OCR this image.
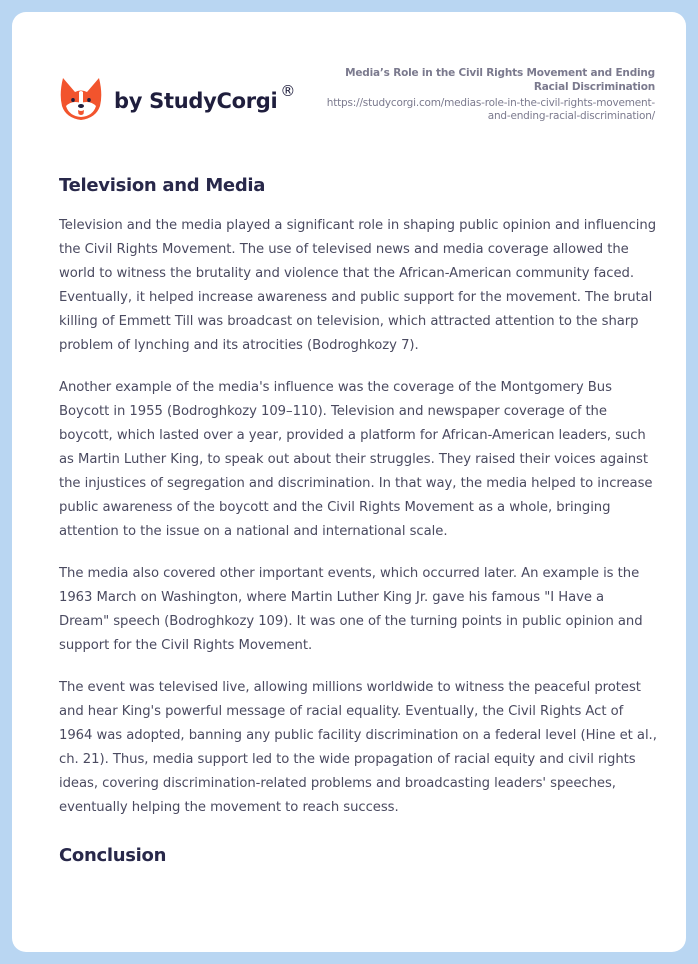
by StudyCorgi ®
Media’s Role in the Civil Rights Movement and Ending Racial Discrimination
https://studycorgi.com/medias-role-in-the-civil-rights-movement-and-ending-racial-discrimination/
Television and Media

Television and the media played a significant role in shaping public opinion and influencing the Civil Rights Movement. The use of televised news and media coverage allowed the world to witness the brutality and violence that the African-American community faced. Eventually, it helped increase awareness and public support for the movement. The brutal killing of Emmett Till was broadcast on television, which attracted attention to the sharp problem of lynching and its atrocities (Bodroghkozy 7).

Another example of the media's influence was the coverage of the Montgomery Bus Boycott in 1955 (Bodroghkozy 109–110). Television and newspaper coverage of the boycott, which lasted over a year, provided a platform for African-American leaders, such as Martin Luther King, to speak out about their struggles. They raised their voices against the injustices of segregation and discrimination. In that way, the media helped to increase public awareness of the boycott and the Civil Rights Movement as a whole, bringing attention to the issue on a national and international scale.

The media also covered other important events, which occurred later. An example is the 1963 March on Washington, where Martin Luther King Jr. gave his famous "I Have a Dream" speech (Bodroghkozy 109). It was one of the turning points in public opinion and support for the Civil Rights Movement.

The event was televised live, allowing millions worldwide to witness the peaceful protest and hear King's powerful message of racial equality. Eventually, the Civil Rights Act of 1964 was adopted, banning any public facility discrimination on a federal level (Hine et al., ch. 21). Thus, media support led to the wide propagation of racial equity and civil rights ideas, covering discrimination-related problems and broadcasting leaders' speeches, eventually helping the movement to reach success.

Conclusion
